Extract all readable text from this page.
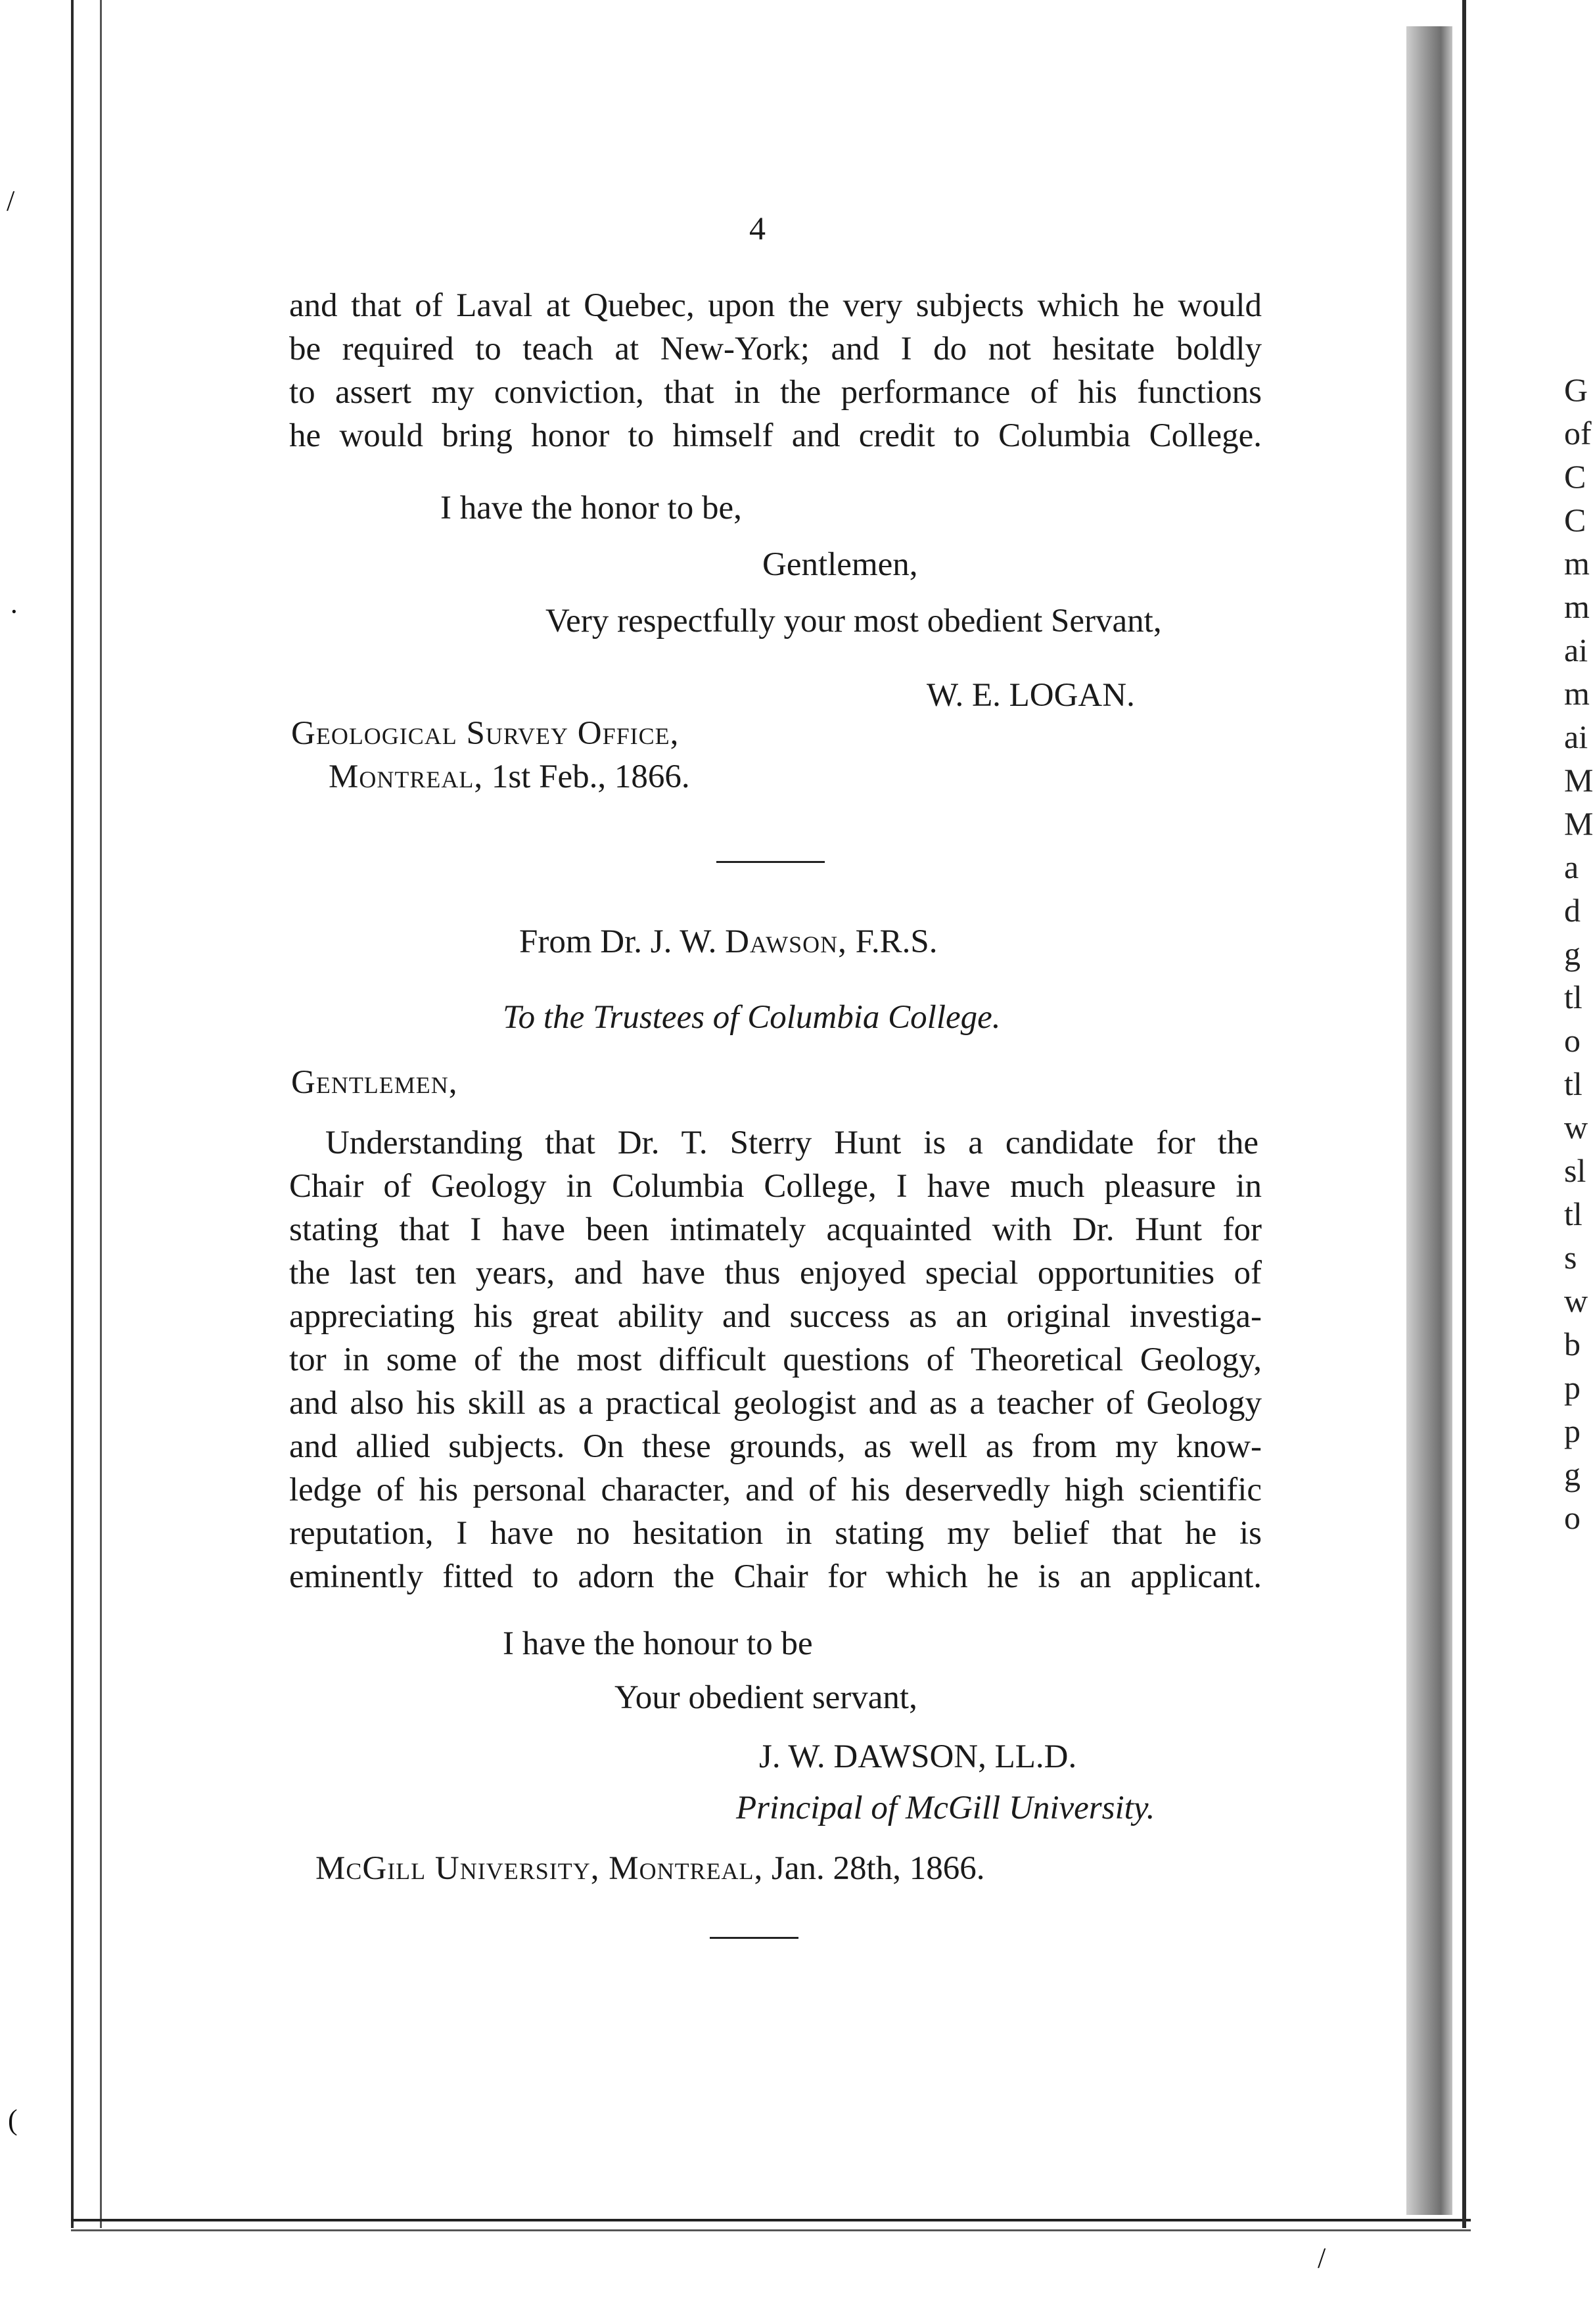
/
·
(
/
G
of
C
C
m
m
ai
m
ai
M
M
a
d
g
tl
o
tl
w
sl
tl
s
w
b
p
p
g
o
4
and that of Laval at Quebec, upon the very subjects which he would
be required to teach at New-York; and I do not hesitate boldly
to assert my conviction, that in the performance of his functions
he would bring honor to himself and credit to Columbia College.
I have the honor to be,
Gentlemen,
Very respectfully your most obedient Servant,
W. E. LOGAN.
Geological Survey Office,
Montreal, 1st Feb., 1866.
From Dr. J. W. Dawson, F.R.S.
To the Trustees of Columbia College.
Gentlemen,
Understanding that Dr. T. Sterry Hunt is a candidate for the
Chair of Geology in Columbia College, I have much pleasure in
stating that I have been intimately acquainted with Dr. Hunt for
the last ten years, and have thus enjoyed special opportunities of
appreciating his great ability and success as an original investiga-
tor in some of the most difficult questions of Theoretical Geology,
and also his skill as a practical geologist and as a teacher of Geology
and allied subjects. On these grounds, as well as from my know-
ledge of his personal character, and of his deservedly high scientific
reputation, I have no hesitation in stating my belief that he is
eminently fitted to adorn the Chair for which he is an applicant.
I have the honour to be
Your obedient servant,
J. W. DAWSON, LL.D.
Principal of McGill University.
McGill University, Montreal, Jan. 28th, 1866.
